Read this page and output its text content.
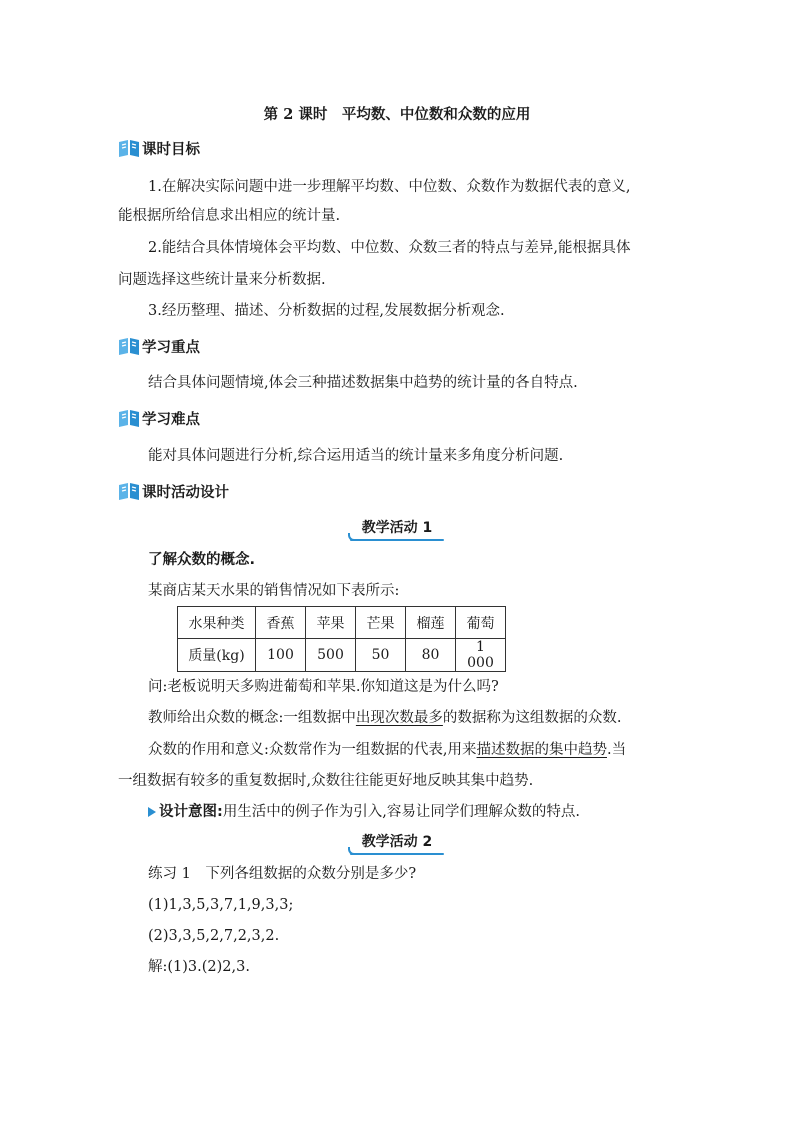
第 2 课时　平均数、中位数和众数的应用
课时目标
1.在解决实际问题中进一步理解平均数、中位数、众数作为数据代表的意义,
能根据所给信息求出相应的统计量.
2.能结合具体情境体会平均数、中位数、众数三者的特点与差异,能根据具体
问题选择这些统计量来分析数据.
3.经历整理、描述、分析数据的过程,发展数据分析观念.
学习重点
结合具体问题情境,体会三种描述数据集中趋势的统计量的各自特点.
学习难点
能对具体问题进行分析,综合运用适当的统计量来多角度分析问题.
课时活动设计
教学活动 1
了解众数的概念.
某商店某天水果的销售情况如下表所示:
水果种类	香蕉	苹果	芒果	榴莲	葡萄
质量(kg)	100	500	50	80	1 000
问:老板说明天多购进葡萄和苹果.你知道这是为什么吗?
教师给出众数的概念:一组数据中出现次数最多的数据称为这组数据的众数.
众数的作用和意义:众数常作为一组数据的代表,用来描述数据的集中趋势.当
一组数据有较多的重复数据时,众数往往能更好地反映其集中趋势.
设计意图:用生活中的例子作为引入,容易让同学们理解众数的特点.
教学活动 2
练习 1　下列各组数据的众数分别是多少?
(1)1,3,5,3,7,1,9,3,3;
(2)3,3,5,2,7,2,3,2.
解:(1)3.(2)2,3.
